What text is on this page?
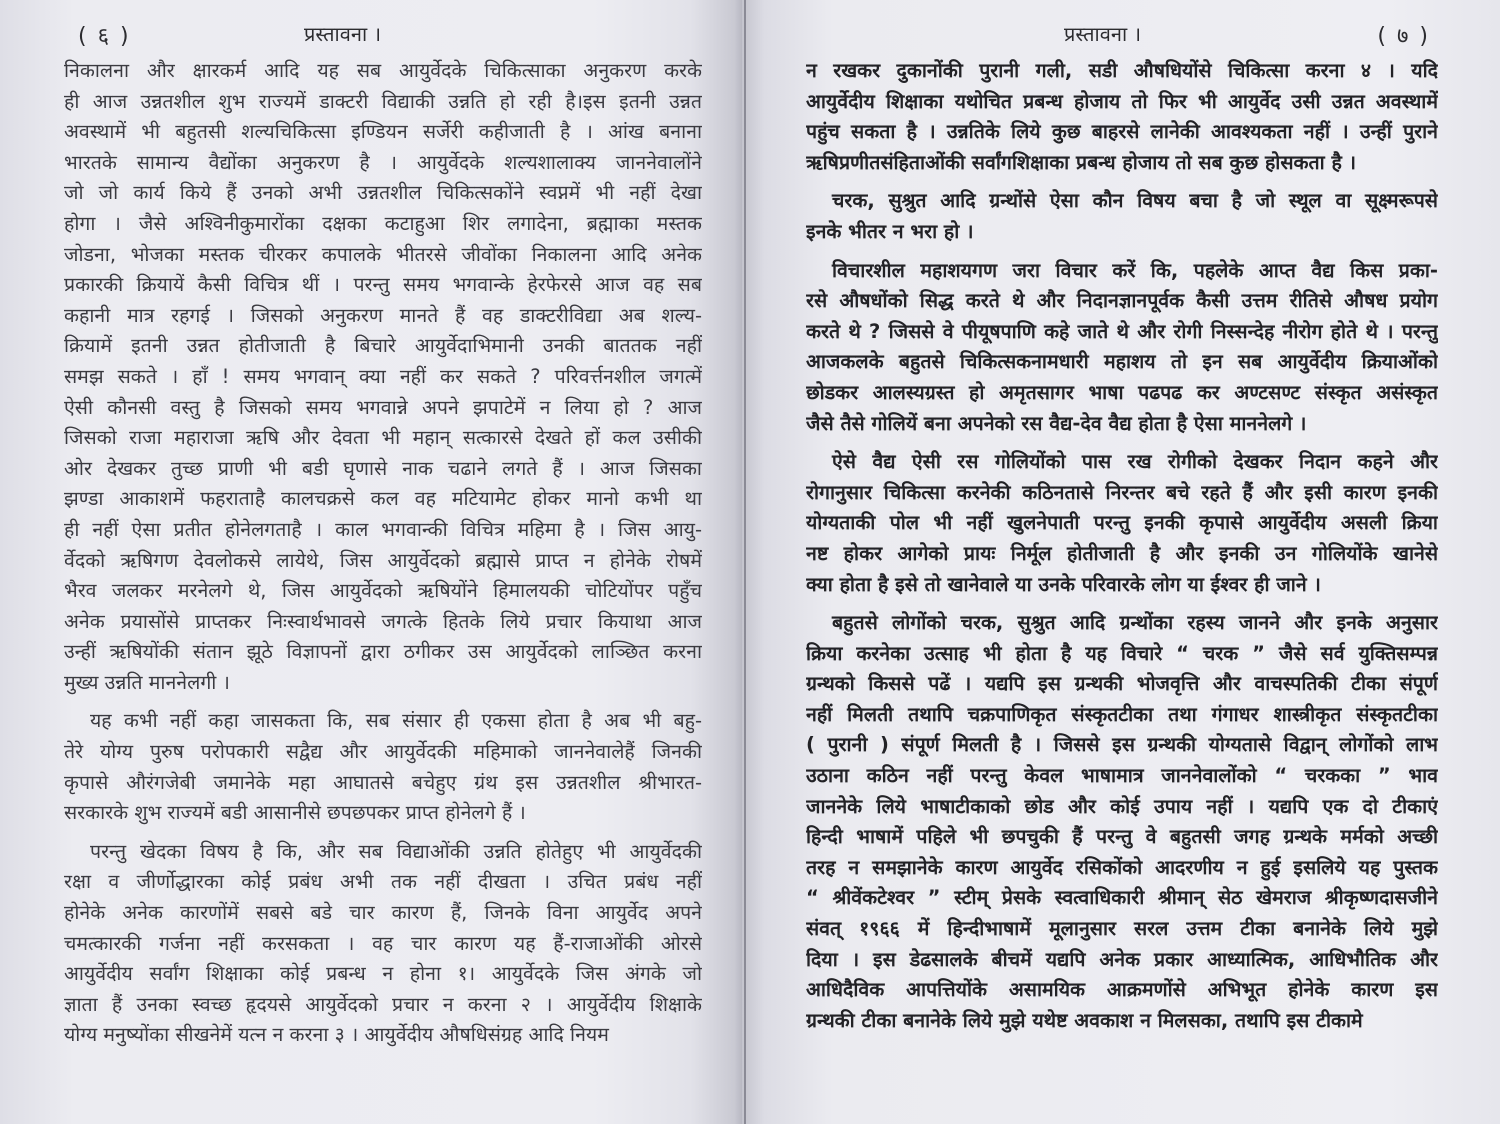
( ६ )	प्रस्तावना ।

निकालना और क्षारकर्म आदि यह सब आयुर्वेदके चिकित्साका अनुकरण करके
ही आज उन्नतशील शुभ राज्यमें डाक्टरी विद्याकी उन्नति हो रही है।इस इतनी उन्नत
अवस्थामें भी बहुतसी शल्यचिकित्सा इण्डियन सर्जेरी कहीजाती है । आंख बनाना
भारतके सामान्य वैद्योंका अनुकरण है । आयुर्वेदके शल्यशालाक्य जाननेवालोंने
जो जो कार्य किये हैं उनको अभी उन्नतशील चिकित्सकोंने स्वप्नमें भी नहीं देखा
होगा । जैसे अश्विनीकुमारोंका दक्षका कटाहुआ शिर लगादेना, ब्रह्माका मस्तक
जोडना, भोजका मस्तक चीरकर कपालके भीतरसे जीवोंका निकालना आदि अनेक
प्रकारकी क्रियायें कैसी विचित्र थीं । परन्तु समय भगवान्के हेरफेरसे आज वह सब
कहानी मात्र रहगई । जिसको अनुकरण मानते हैं वह डाक्टरीविद्या अब शल्य-
क्रियामें इतनी उन्नत होतीजाती है बिचारे आयुर्वेदाभिमानी उनकी बाततक नहीं
समझ सकते । हाँ ! समय भगवान् क्या नहीं कर सकते ? परिवर्त्तनशील जगत्में
ऐसी कौनसी वस्तु है जिसको समय भगवान्ने अपने झपाटेमें न लिया हो ? आज
जिसको राजा महाराजा ऋषि और देवता भी महान् सत्कारसे देखते हों कल उसीकी
ओर देखकर तुच्छ प्राणी भी बडी घृणासे नाक चढाने लगते हैं । आज जिसका
झण्डा आकाशमें फहराताहै कालचक्रसे कल वह मटियामेट होकर मानो कभी था
ही नहीं ऐसा प्रतीत होनेलगताहै । काल भगवान्की विचित्र महिमा है । जिस आयु-
र्वेदको ऋषिगण देवलोकसे लायेथे, जिस आयुर्वेदको ब्रह्मासे प्राप्त न होनेके रोषमें
भैरव जलकर मरनेलगे थे, जिस आयुर्वेदको ऋषियोंने हिमालयकी चोटियोंपर पहुँच
अनेक प्रयासोंसे प्राप्तकर निःस्वार्थभावसे जगत्के हितके लिये प्रचार कियाथा आज
उन्हीं ऋषियोंकी संतान झूठे विज्ञापनों द्वारा ठगीकर उस आयुर्वेदको लाञ्छित करना
मुख्य उन्नति माननेलगी ।

यह कभी नहीं कहा जासकता कि, सब संसार ही एकसा होता है अब भी बहु-
तेरे योग्य पुरुष परोपकारी सद्वैद्य और आयुर्वेदकी महिमाको जाननेवालेहैं जिनकी
कृपासे औरंगजेबी जमानेके महा आघातसे बचेहुए ग्रंथ इस उन्नतशील श्रीभारत-
सरकारके शुभ राज्यमें बडी आसानीसे छपछपकर प्राप्त होनेलगे हैं ।

परन्तु खेदका विषय है कि, और सब विद्याओंकी उन्नति होतेहुए भी आयुर्वेदकी
रक्षा व जीर्णोद्धारका कोई प्रबंध अभी तक नहीं दीखता । उचित प्रबंध नहीं
होनेके अनेक कारणोंमें सबसे बडे चार कारण हैं, जिनके विना आयुर्वेद अपने
चमत्कारकी गर्जना नहीं करसकता । वह चार कारण यह हैं-राजाओंकी ओरसे
आयुर्वेदीय सर्वांग शिक्षाका कोई प्रबन्ध न होना १। आयुर्वेदके जिस अंगके जो
ज्ञाता हैं उनका स्वच्छ हृदयसे आयुर्वेदको प्रचार न करना २ । आयुर्वेदीय शिक्षाके
योग्य मनुष्योंका सीखनेमें यत्न न करना ३ । आयुर्वेदीय औषधिसंग्रह आदि नियम

प्रस्तावना ।	( ७ )

न रखकर दुकानोंकी पुरानी गली, सडी औषधियोंसे चिकित्सा करना ४ । यदि
आयुर्वेदीय शिक्षाका यथोचित प्रबन्ध होजाय तो फिर भी आयुर्वेद उसी उन्नत अवस्थामें
पहुंच सकता है । उन्नतिके लिये कुछ बाहरसे लानेकी आवश्यकता नहीं । उन्हीं पुराने
ऋषिप्रणीतसंहिताओंकी सर्वांगशिक्षाका प्रबन्ध होजाय तो सब कुछ होसकता है ।

चरक, सुश्रुत आदि ग्रन्थोंसे ऐसा कौन विषय बचा है जो स्थूल वा सूक्ष्मरूपसे
इनके भीतर न भरा हो ।

विचारशील महाशयगण जरा विचार करें कि, पहलेके आप्त वैद्य किस प्रका-
रसे औषधोंको सिद्ध करते थे और निदानज्ञानपूर्वक कैसी उत्तम रीतिसे औषध प्रयोग
करते थे ? जिससे वे पीयूषपाणि कहे जाते थे और रोगी निस्सन्देह नीरोग होते थे । परन्तु
आजकलके बहुतसे चिकित्सकनामधारी महाशय तो इन सब आयुर्वेदीय क्रियाओंको
छोडकर आलस्यग्रस्त हो अमृतसागर भाषा पढपढ कर अण्टसण्ट संस्कृत असंस्कृत
जैसे तैसे गोलियें बना अपनेको रस वैद्य-देव वैद्य होता है ऐसा माननेलगे ।

ऐसे वैद्य ऐसी रस गोलियोंको पास रख रोगीको देखकर निदान कहने और
रोगानुसार चिकित्सा करनेकी कठिनतासे निरन्तर बचे रहते हैं और इसी कारण इनकी
योग्यताकी पोल भी नहीं खुलनेपाती परन्तु इनकी कृपासे आयुर्वेदीय असली क्रिया
नष्ट होकर आगेको प्रायः निर्मूल होतीजाती है और इनकी उन गोलियोंके खानेसे
क्या होता है इसे तो खानेवाले या उनके परिवारके लोग या ईश्वर ही जाने ।

बहुतसे लोगोंको चरक, सुश्रुत आदि ग्रन्थोंका रहस्य जानने और इनके अनुसार
क्रिया करनेका उत्साह भी होता है यह विचारे “ चरक ” जैसे सर्व युक्तिसम्पन्न
ग्रन्थको किससे पढें । यद्यपि इस ग्रन्थकी भोजवृत्ति और वाचस्पतिकी टीका संपूर्ण
नहीं मिलती तथापि चक्रपाणिकृत संस्कृतटीका तथा गंगाधर शास्त्रीकृत संस्कृतटीका
( पुरानी ) संपूर्ण मिलती है । जिससे इस ग्रन्थकी योग्यतासे विद्वान् लोगोंको लाभ
उठाना कठिन नहीं परन्तु केवल भाषामात्र जाननेवालोंको “ चरकका ” भाव
जाननेके लिये भाषाटीकाको छोड और कोई उपाय नहीं । यद्यपि एक दो टीकाएं
हिन्दी भाषामें पहिले भी छपचुकी हैं परन्तु वे बहुतसी जगह ग्रन्थके मर्मको अच्छी
तरह न समझानेके कारण आयुर्वेद रसिकोंको आदरणीय न हुई इसलिये यह पुस्तक
“ श्रीवेंकटेश्वर ” स्टीम् प्रेसके स्वत्वाधिकारी श्रीमान् सेठ खेमराज श्रीकृष्णदासजीने
संवत् १९६६ में हिन्दीभाषामें मूलानुसार सरल उत्तम टीका बनानेके लिये मुझे
दिया । इस डेढसालके बीचमें यद्यपि अनेक प्रकार आध्यात्मिक, आधिभौतिक और
आधिदैविक आपत्तियोंके असामयिक आक्रमणोंसे अभिभूत होनेके कारण इस
ग्रन्थकी टीका बनानेके लिये मुझे यथेष्ट अवकाश न मिलसका, तथापि इस टीकामे
